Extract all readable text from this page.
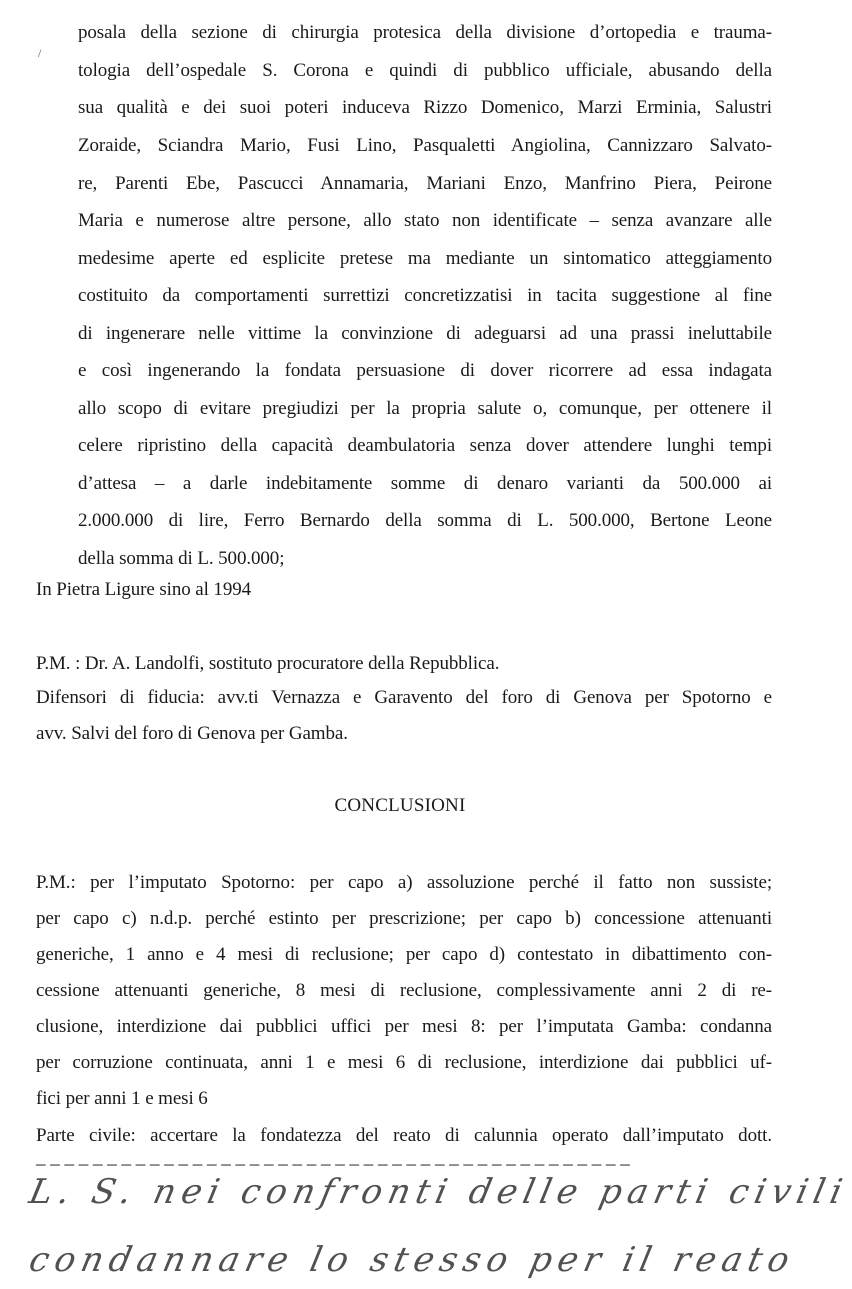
/
posala della sezione di chirurgia protesica della divisione d’ortopedia e trauma-
tologia dell’ospedale S. Corona e quindi di pubblico ufficiale, abusando della
sua qualità e dei suoi poteri induceva Rizzo Domenico, Marzi Erminia, Salustri
Zoraide, Sciandra Mario, Fusi Lino, Pasqualetti Angiolina, Cannizzaro Salvato-
re, Parenti Ebe, Pascucci Annamaria, Mariani Enzo, Manfrino Piera, Peirone
Maria e numerose altre persone, allo stato non identificate – senza avanzare alle
medesime aperte ed esplicite pretese ma mediante un sintomatico atteggiamento
costituito da comportamenti surrettizi concretizzatisi in tacita suggestione al fine
di ingenerare nelle vittime la convinzione di adeguarsi ad una prassi ineluttabile
e così ingenerando la fondata persuasione di dover ricorrere ad essa indagata
allo scopo di evitare pregiudizi per la propria salute o, comunque, per ottenere il
celere ripristino della capacità deambulatoria senza dover attendere lunghi tempi
d’attesa – a darle indebitamente somme di denaro varianti da 500.000 ai
2.000.000 di lire, Ferro Bernardo della somma di L. 500.000, Bertone Leone
della somma di L. 500.000;
In Pietra Ligure sino al 1994
P.M. : Dr. A. Landolfi, sostituto procuratore della Repubblica.
Difensori di fiducia: avv.ti Vernazza e Garavento del foro di Genova per Spotorno e
avv. Salvi del foro di Genova per Gamba.
CONCLUSIONI
P.M.: per l’imputato Spotorno: per capo a) assoluzione perché il fatto non sussiste;
per capo c) n.d.p. perché estinto per prescrizione; per capo b) concessione attenuanti
generiche, 1 anno e 4 mesi di reclusione; per capo d) contestato in dibattimento con-
cessione attenuanti generiche, 8 mesi di reclusione, complessivamente anni 2 di re-
clusione, interdizione dai pubblici uffici per mesi 8: per l’imputata Gamba: condanna
per corruzione continuata, anni 1 e mesi 6 di reclusione, interdizione dai pubblici uf-
fici per anni 1 e mesi 6
Parte civile: accertare la fondatezza del reato di calunnia operato dall’imputato dott.
_ _ _ _ _ _ _ _ _ _ _ _ _ _ _ _ _ _ _ _ _ _ _ _ _ _ _ _ _ _ _ _ _ _ _ _ _ _ _ _ _ _
L. S. nei confronti delle parti civili
condannare lo stesso per il reato
